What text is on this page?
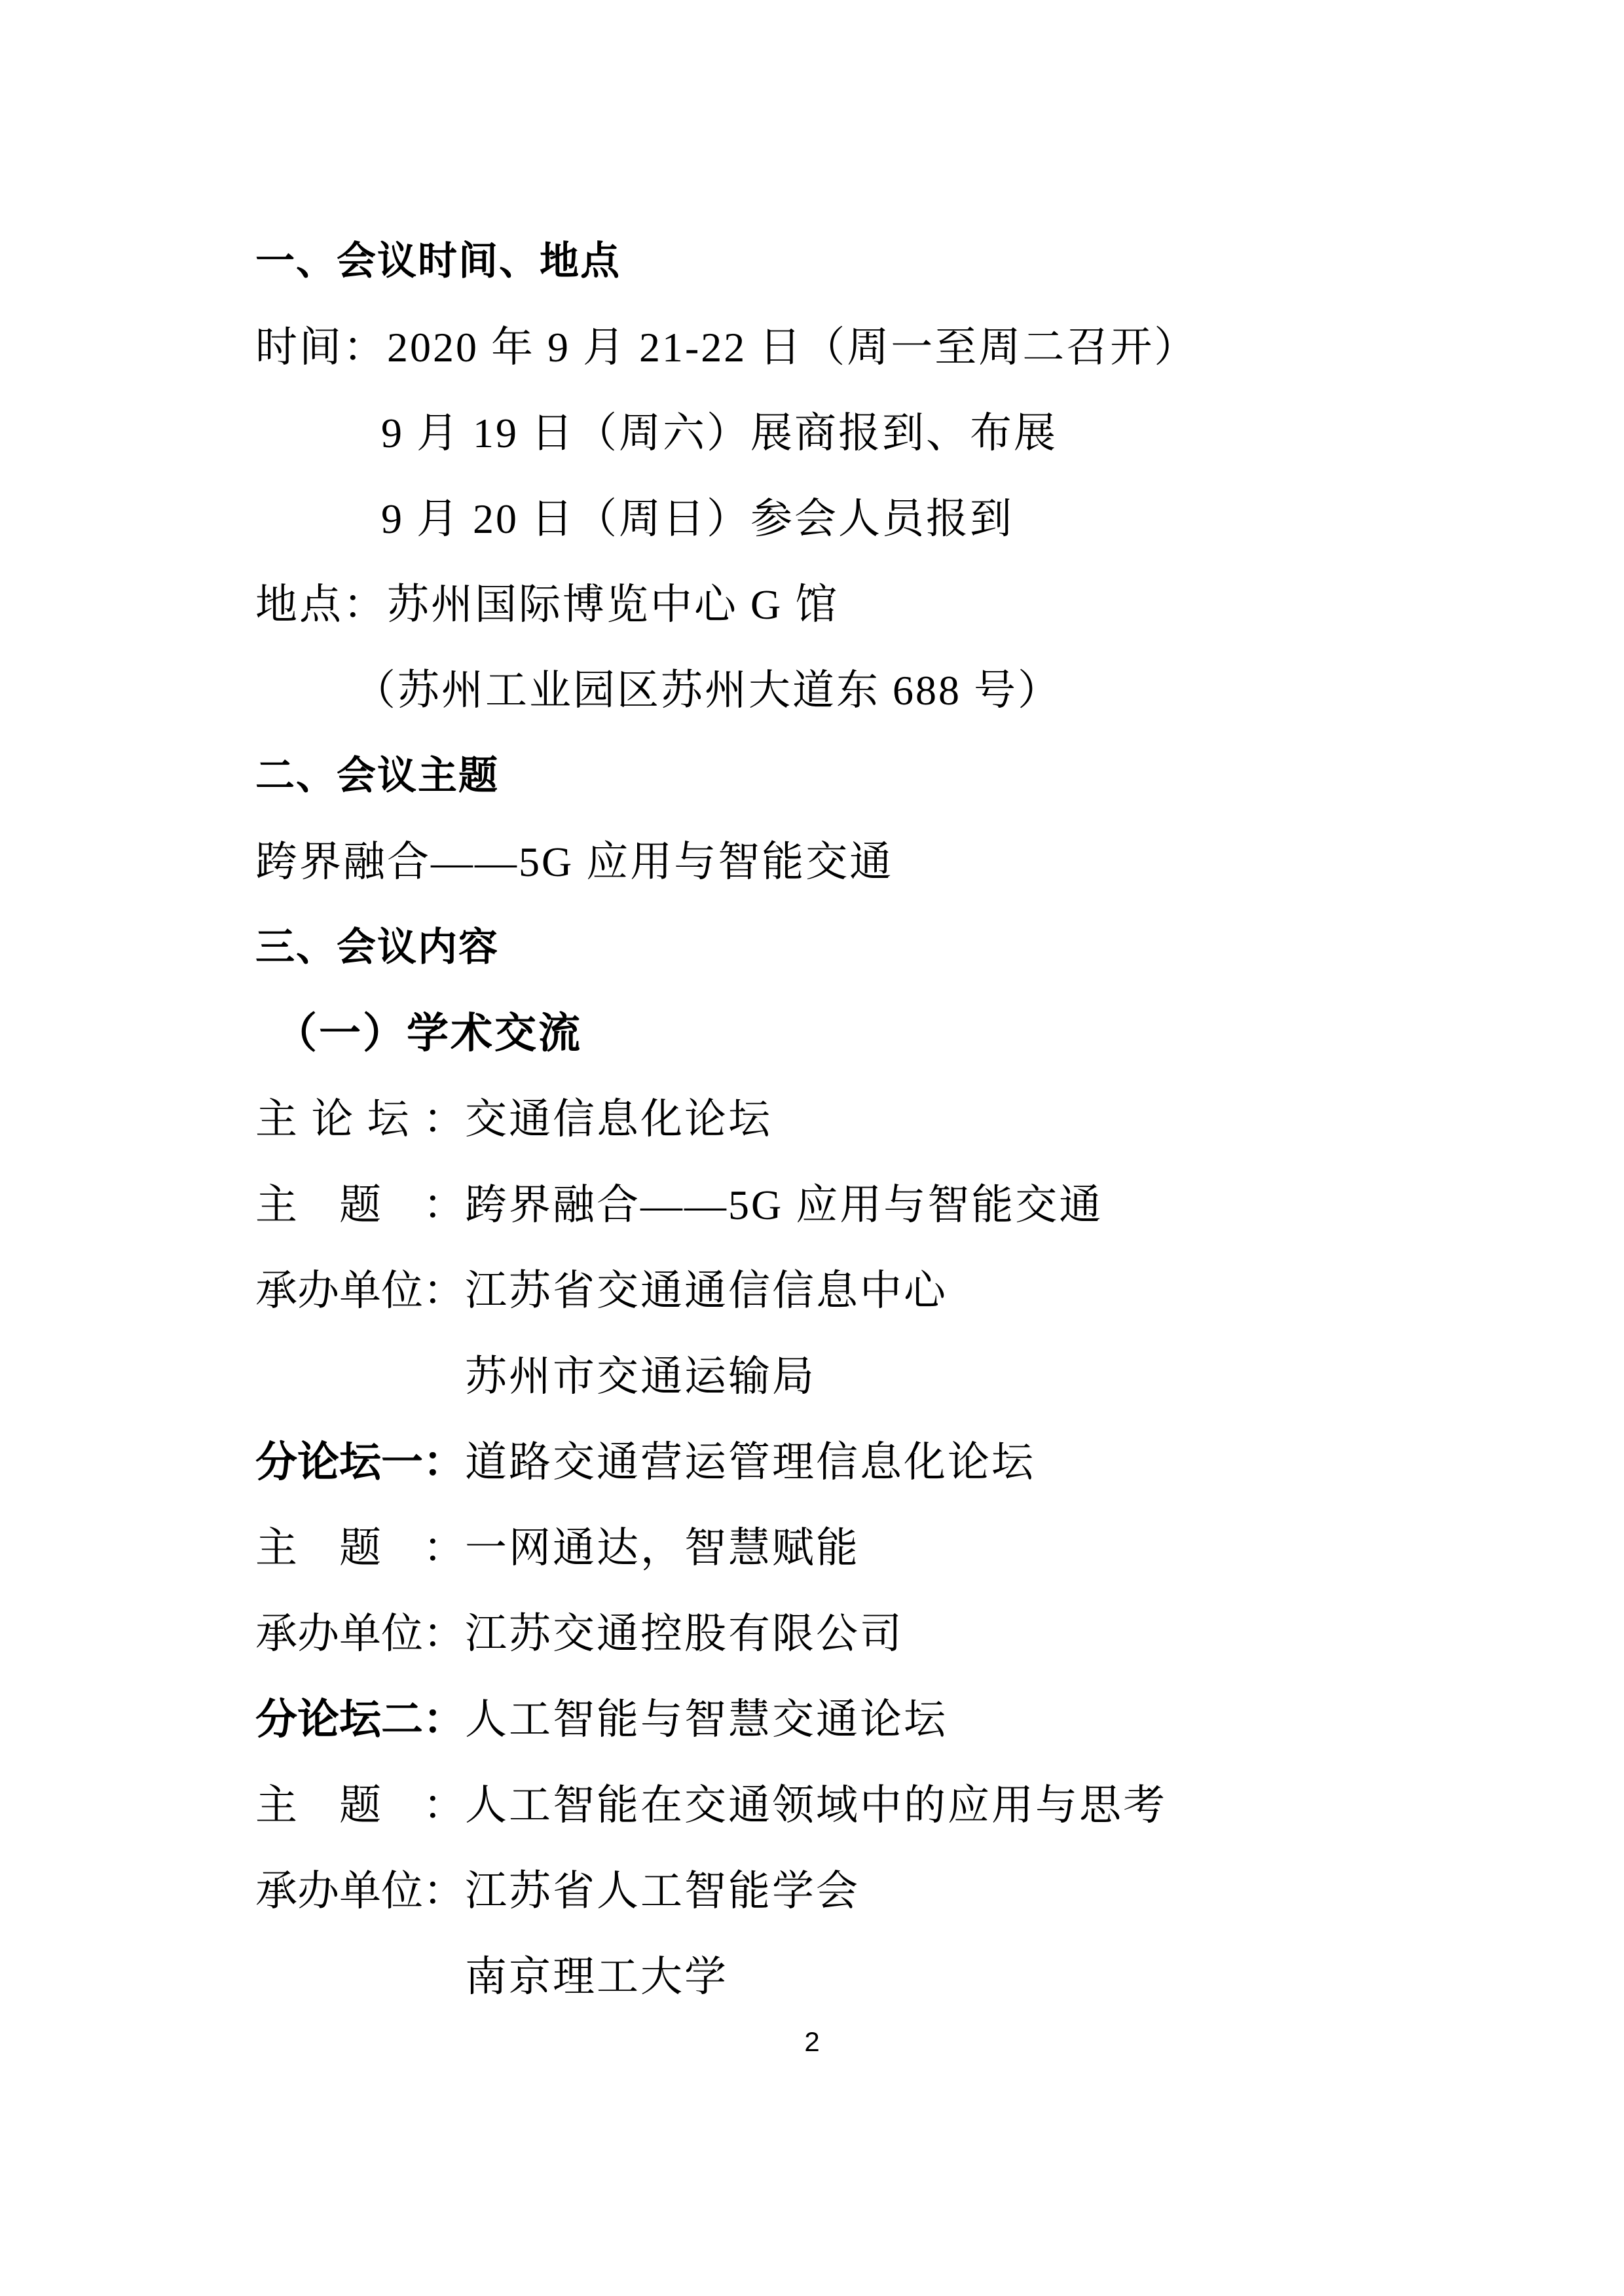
一、会议时间、地点
时间：2020 年 9 月 21-22 日（周一至周二召开）
9 月 19 日（周六）展商报到、布展
9 月 20 日（周日）参会人员报到
地点：苏州国际博览中心 G 馆
（苏州工业园区苏州大道东 688 号）
二、会议主题
跨界融合——5G 应用与智能交通
三、会议内容
（一）学术交流
主论坛： 交通信息化论坛
主题： 跨界融合——5G 应用与智能交通
承办单位： 江苏省交通通信信息中心
苏州市交通运输局
分论坛一： 道路交通营运管理信息化论坛
主题： 一网通达，智慧赋能
承办单位： 江苏交通控股有限公司
分论坛二： 人工智能与智慧交通论坛
主题： 人工智能在交通领域中的应用与思考
承办单位： 江苏省人工智能学会
南京理工大学
2
